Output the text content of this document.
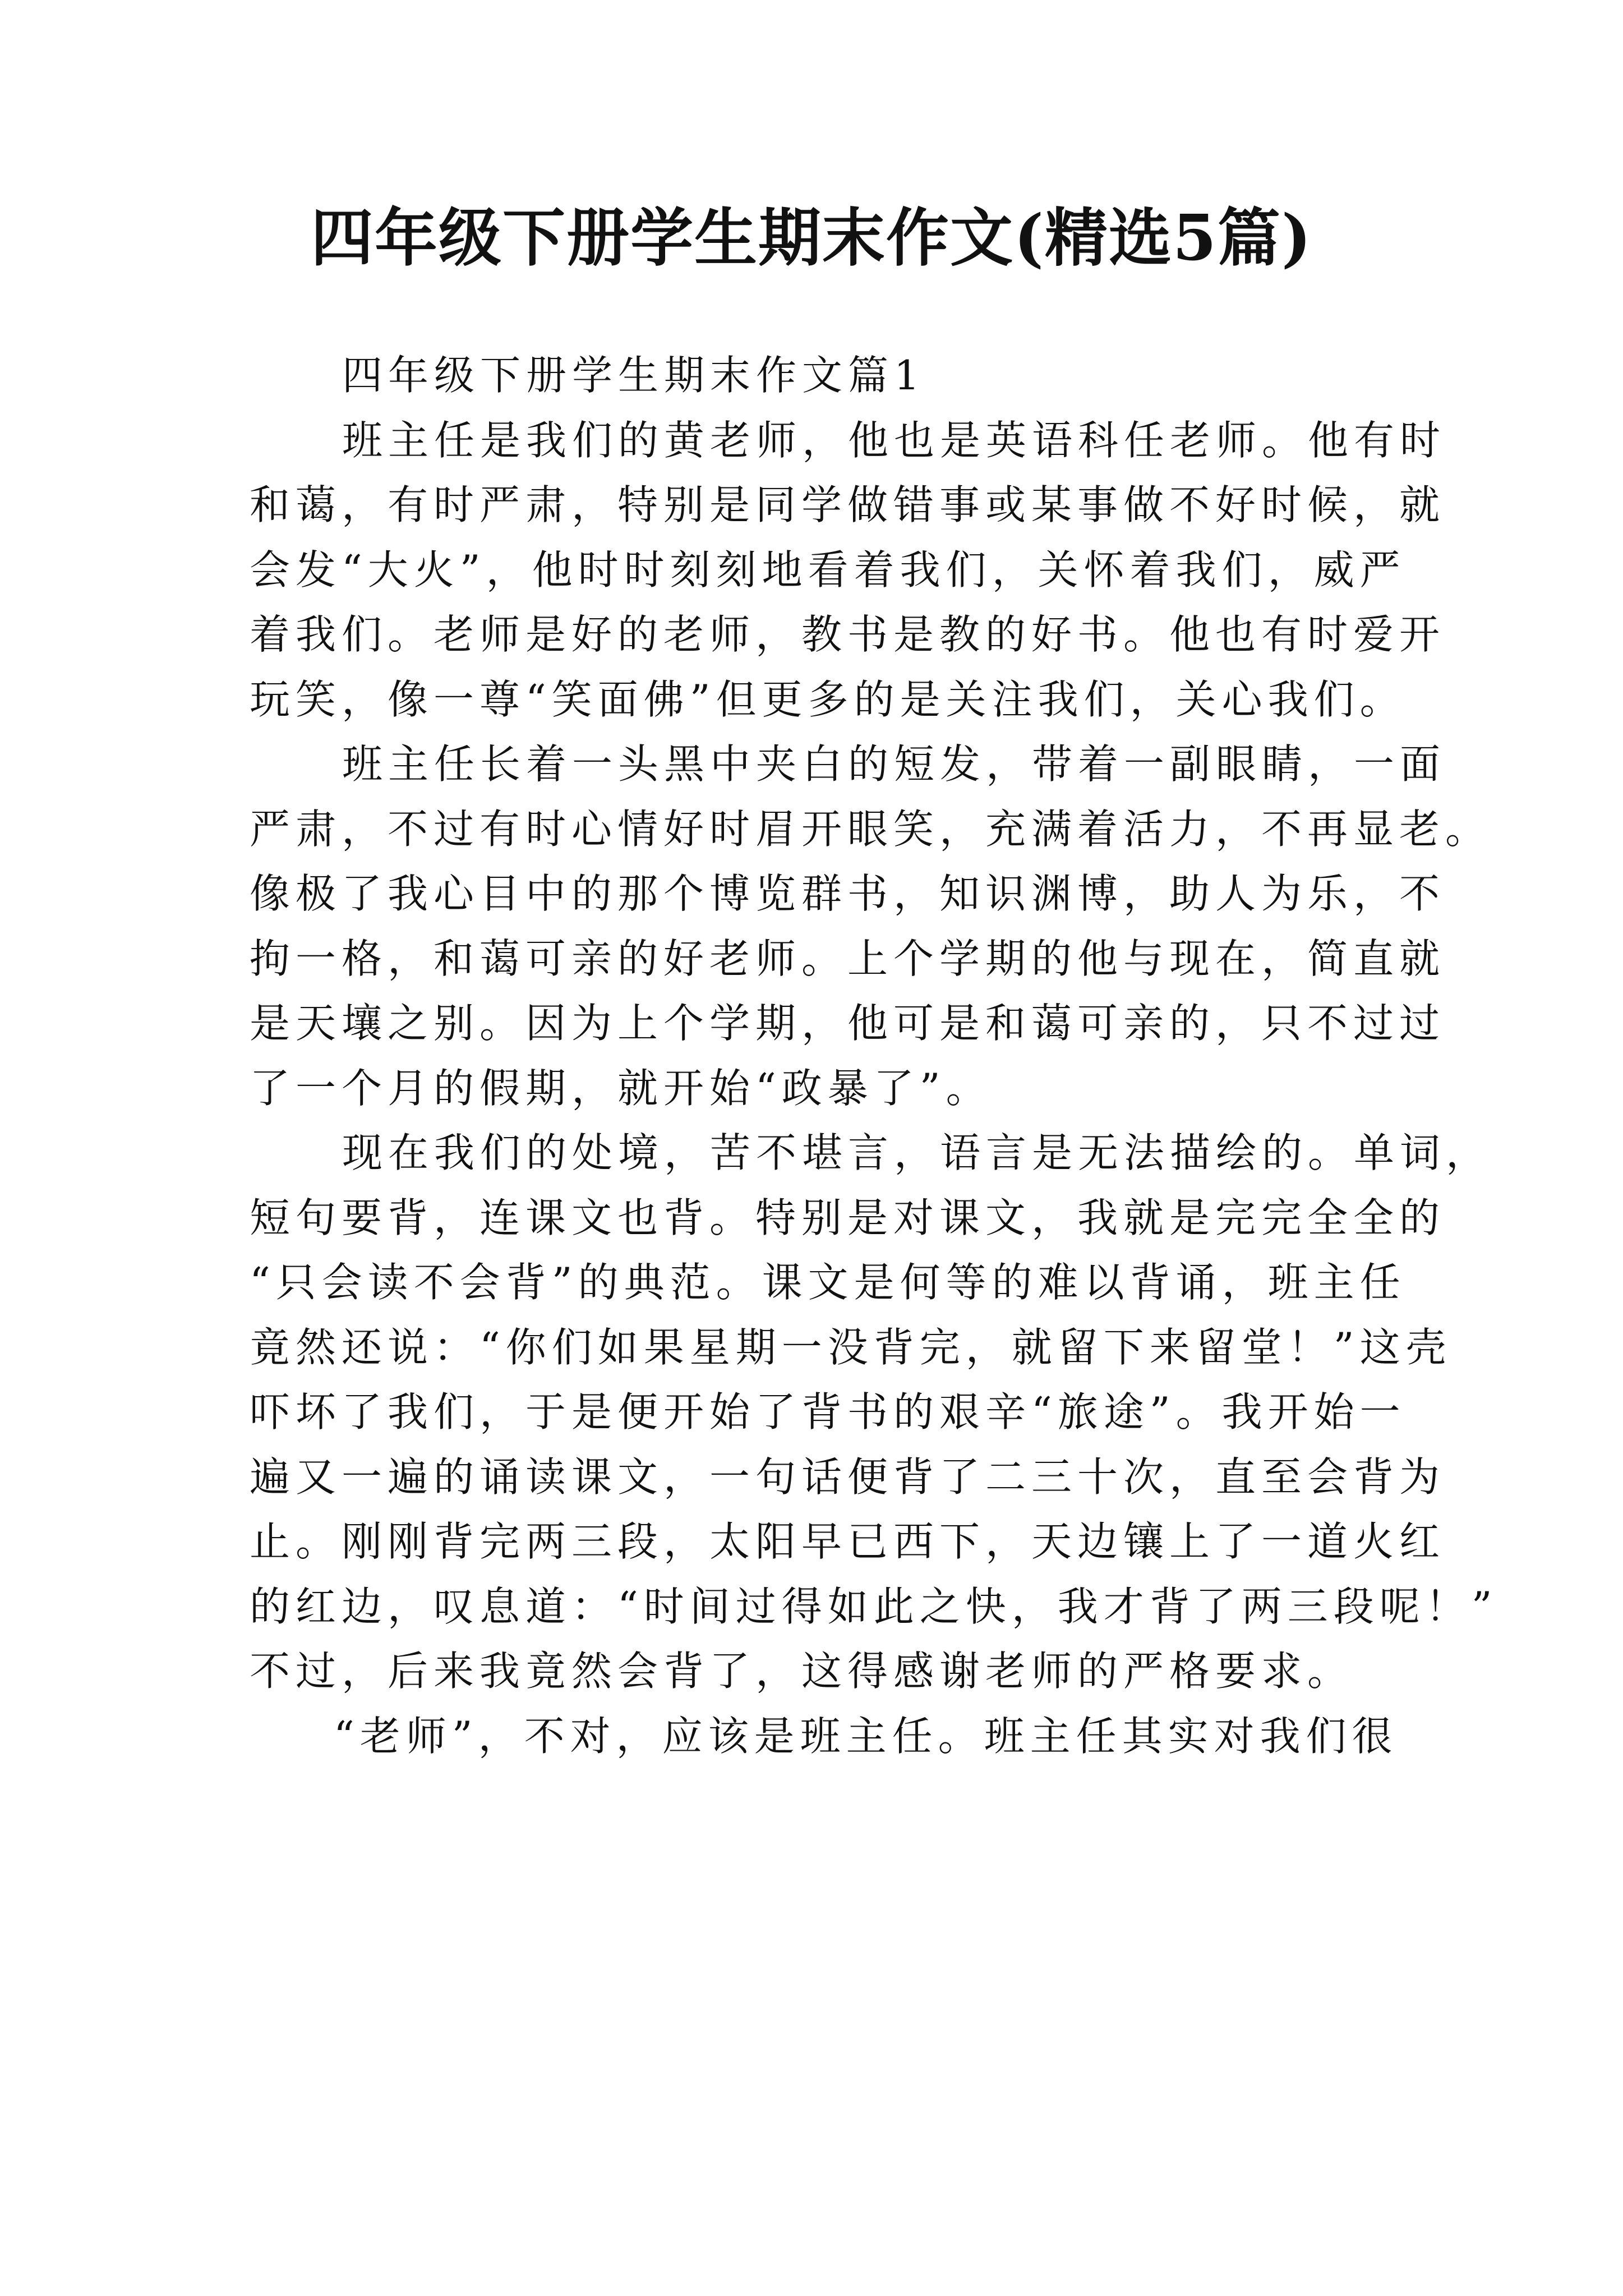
四年级下册学生期末作文(精选5篇)
四年级下册学生期末作文篇1
班主任是我们的黄老师，他也是英语科任老师。他有时
和蔼，有时严肃，特别是同学做错事或某事做不好时候，就
会发“大火”，他时时刻刻地看着我们，关怀着我们，威严
着我们。老师是好的老师，教书是教的好书。他也有时爱开
玩笑，像一尊“笑面佛”但更多的是关注我们，关心我们。
班主任长着一头黑中夹白的短发，带着一副眼睛，一面
严肃，不过有时心情好时眉开眼笑，充满着活力，不再显老。
像极了我心目中的那个博览群书，知识渊博，助人为乐，不
拘一格，和蔼可亲的好老师。上个学期的他与现在，简直就
是天壤之别。因为上个学期，他可是和蔼可亲的，只不过过
了一个月的假期，就开始“政暴了”。
现在我们的处境，苦不堪言，语言是无法描绘的。单词，
短句要背，连课文也背。特别是对课文，我就是完完全全的
“只会读不会背”的典范。课文是何等的难以背诵，班主任
竟然还说：“你们如果星期一没背完，就留下来留堂！”这壳
吓坏了我们，于是便开始了背书的艰辛“旅途”。我开始一
遍又一遍的诵读课文，一句话便背了二三十次，直至会背为
止。刚刚背完两三段，太阳早已西下，天边镶上了一道火红
的红边，叹息道：“时间过得如此之快，我才背了两三段呢！”
不过，后来我竟然会背了，这得感谢老师的严格要求。
“老师”，不对，应该是班主任。班主任其实对我们很
